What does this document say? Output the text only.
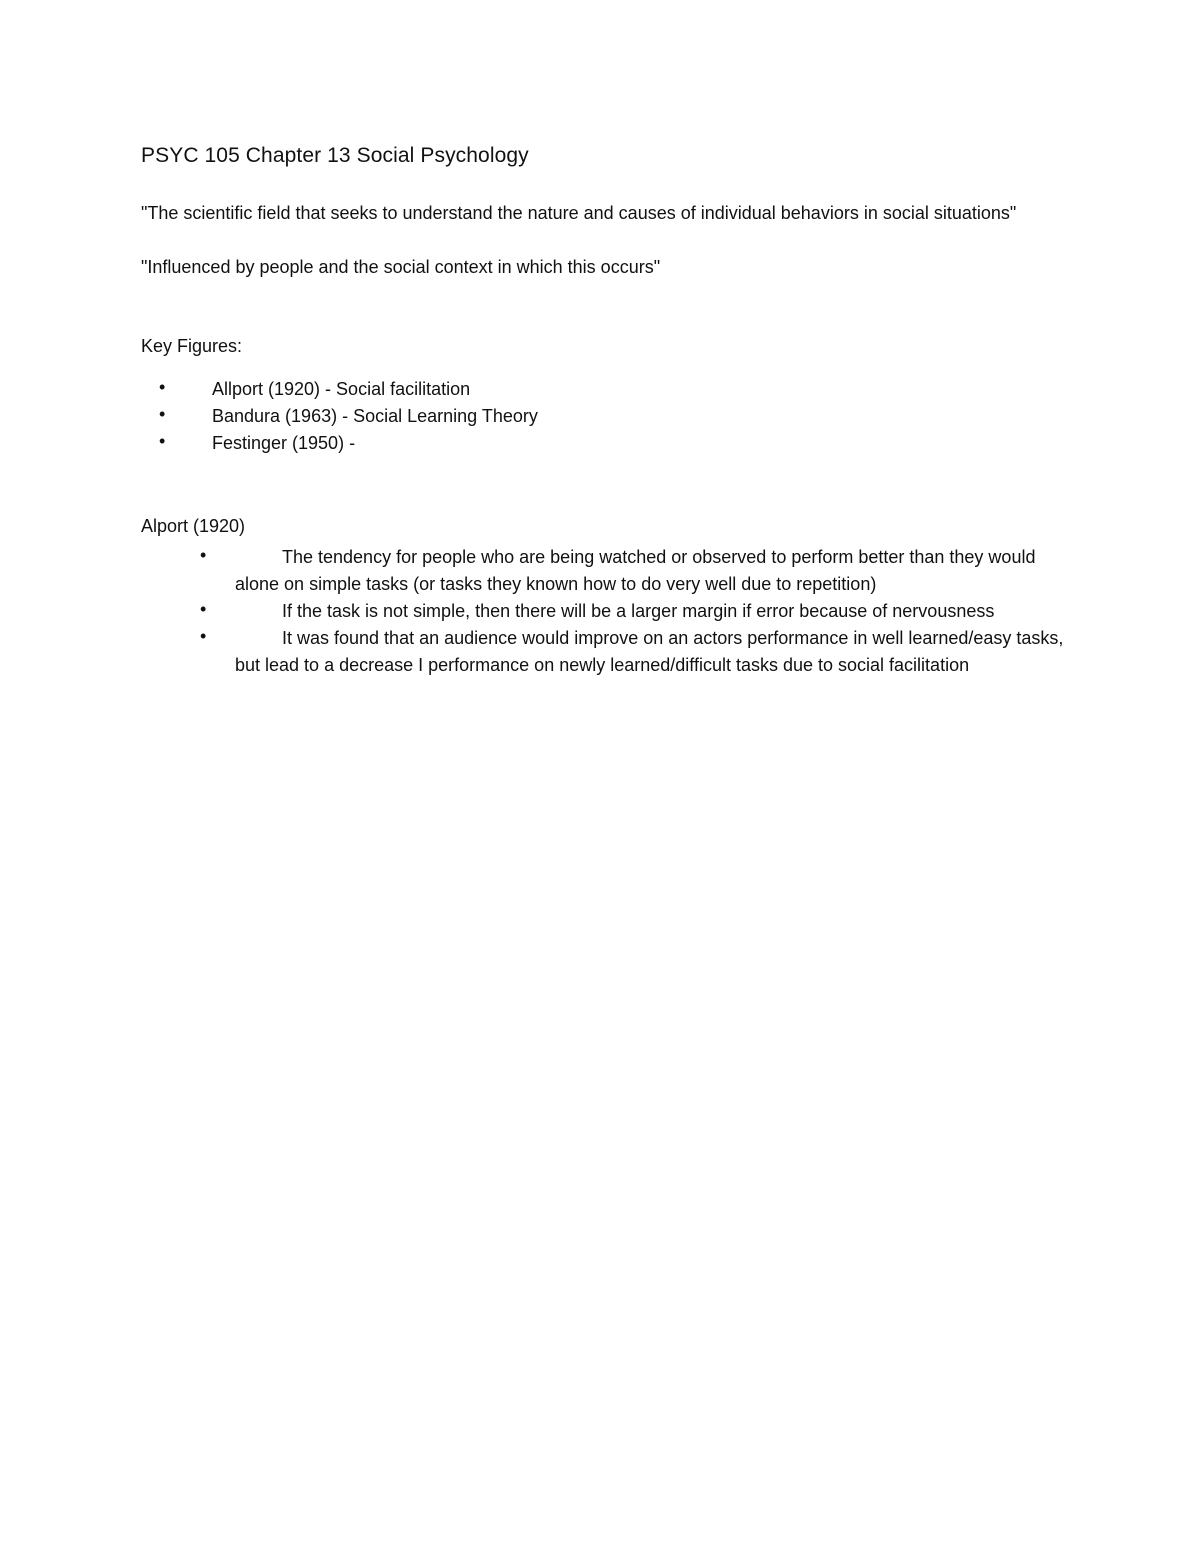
PSYC 105 Chapter 13 Social Psychology

"The scientific field that seeks to understand the nature and causes of individual behaviors in social situations"

"Influenced by people and the social context in which this occurs"

Key Figures:

•	Allport (1920) - Social facilitation
•	Bandura (1963) - Social Learning Theory
•	Festinger (1950) -

Alport (1920)

•	The tendency for people who are being watched or observed to perform better than they would alone on simple tasks (or tasks they known how to do very well due to repetition)
•	If the task is not simple, then there will be a larger margin if error because of nervousness
•	It was found that an audience would improve on an actors performance in well learned/easy tasks, but lead to a decrease I performance on newly learned/difficult tasks due to social facilitation
